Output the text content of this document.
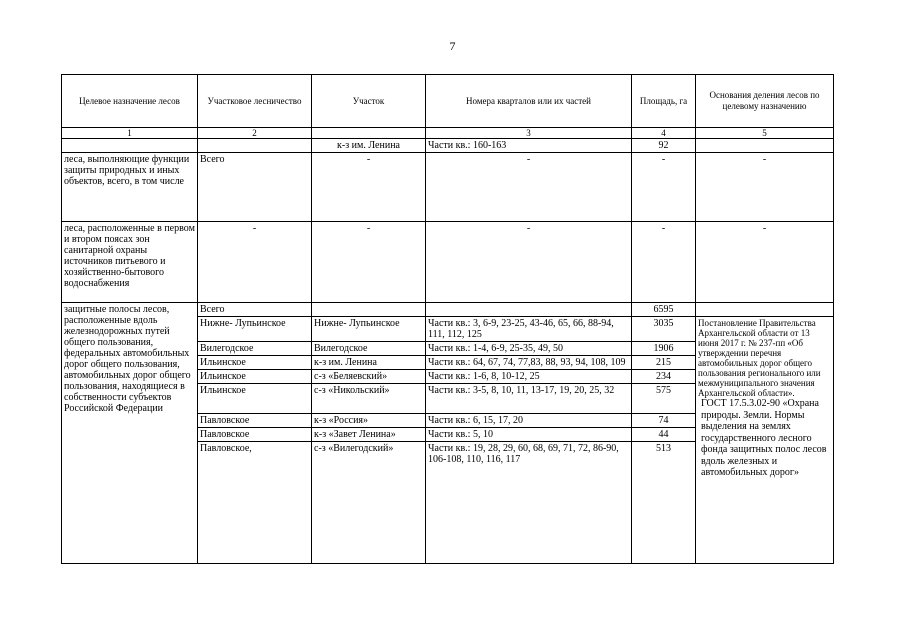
7
Целевое назначение лесов	Участковое лесничество	Участок	Номера кварталов или их частей	Площадь, га	Основания деления лесов по целевому назначению
1	2		3	4	5
		к-з им. Ленина	Части кв.: 160-163	92	
леса, выполняющие функции защиты природных и иных объектов, всего, в том числе	Всего	-	-	-	-
леса, расположенные в первом и втором поясах зон санитарной охраны источников питьевого и хозяйственно-бытового водоснабжения	-	-	-	-	-
защитные полосы лесов, расположенные вдоль железнодорожных путей общего пользования, федеральных автомобильных дорог общего пользования, автомобильных дорог общего пользования, находящиеся в собственности субъектов Российской Федерации	Всего			6595	
	Нижне- Лупьинское	Нижне- Лупьинское	Части кв.: 3, 6-9, 23-25, 43-46, 65, 66, 88-94, 111, 112, 125	3035	Постановление Правительства Архангельской области от 13 июня 2017 г. № 237-пп «Об утверждении перечня автомобильных дорог общего пользования регионального или межмуниципального значения Архангельской области».
ГОСТ 17.5.3.02-90 «Охрана природы. Земли. Нормы выделения на землях государственного лесного фонда защитных полос лесов вдоль железных и автомобильных дорог»

	Вилегодское	Вилегодское	Части кв.: 1-4, 6-9, 25-35, 49, 50	1906	
	Ильинское	к-з им. Ленина	Части кв.: 64, 67, 74, 77,83, 88, 93, 94, 108, 109	215	
	Ильинское	с-з «Беляевский»	Части кв.: 1-6, 8, 10-12, 25	234	
	Ильинское	с-з «Никольский»	Части кв.: 3-5, 8, 10, 11, 13-17, 19, 20, 25, 32	575	
	Павловское	к-з «Россия»	Части кв.: 6, 15, 17, 20	74	
	Павловское	к-з «Завет Ленина»	Части кв.: 5, 10	44	
	Павловское,	с-з «Вилегодский»	Части кв.: 19, 28, 29, 60, 68, 69, 71, 72, 86-90, 106-108, 110, 116, 117	513	
